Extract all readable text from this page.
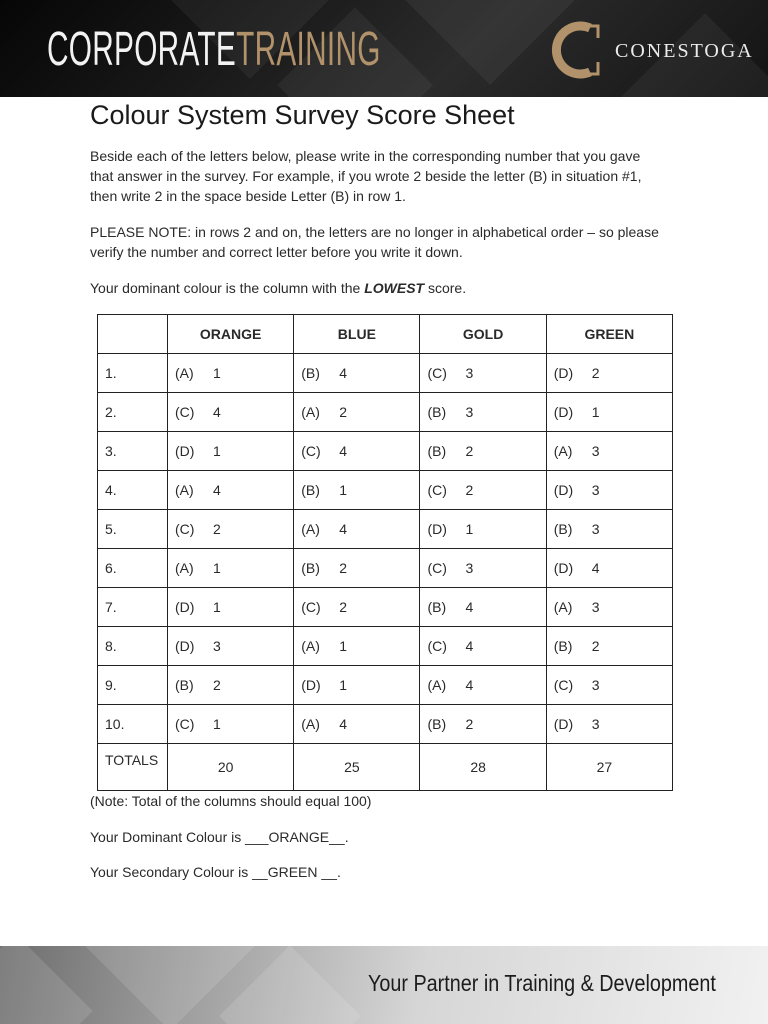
CORPORATETRAINING	CONESTOGA
Colour System Survey Score Sheet

Beside each of the letters below, please write in the corresponding number that you gave that answer in the survey. For example, if you wrote 2 beside the letter (B) in situation #1, then write 2 in the space beside Letter (B) in row 1.

PLEASE NOTE: in rows 2 and on, the letters are no longer in alphabetical order – so please verify the number and correct letter before you write it down.

Your dominant colour is the column with the LOWEST score.

	ORANGE	BLUE	GOLD	GREEN
1.	(A) 1	(B) 4	(C) 3	(D) 2
2.	(C) 4	(A) 2	(B) 3	(D) 1
3.	(D) 1	(C) 4	(B) 2	(A) 3
4.	(A) 4	(B) 1	(C) 2	(D) 3
5.	(C) 2	(A) 4	(D) 1	(B) 3
6.	(A) 1	(B) 2	(C) 3	(D) 4
7.	(D) 1	(C) 2	(B) 4	(A) 3
8.	(D) 3	(A) 1	(C) 4	(B) 2
9.	(B) 2	(D) 1	(A) 4	(C) 3
10.	(C) 1	(A) 4	(B) 2	(D) 3

TOTALS	20	25	28	27
(Note: Total of the columns should equal 100)
Your Dominant Colour is ___ORANGE__.
Your Secondary Colour is __GREEN __.
Your Partner in Training & Development
